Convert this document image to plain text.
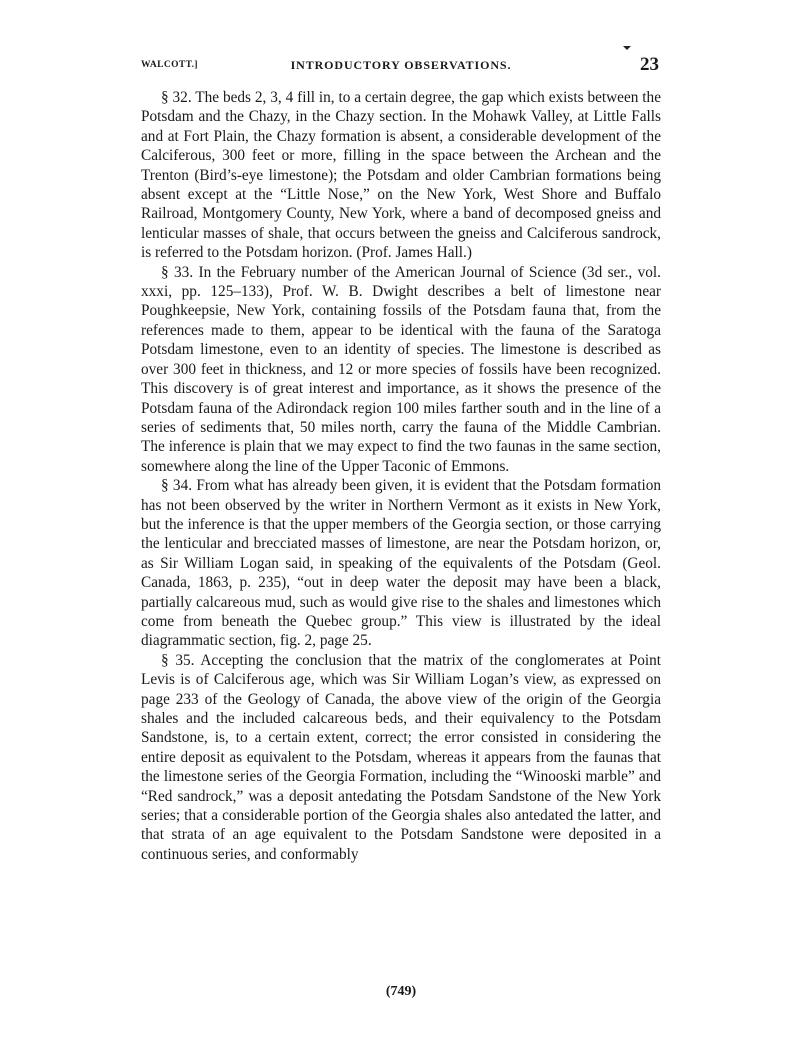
WALCOTT.]	INTRODUCTORY OBSERVATIONS.	23

§ 32. The beds 2, 3, 4 fill in, to a certain degree, the gap which exists between the Potsdam and the Chazy, in the Chazy section. In the Mohawk Valley, at Little Falls and at Fort Plain, the Chazy formation is absent, a considerable development of the Calciferous, 300 feet or more, filling in the space between the Archean and the Trenton (Bird’s-eye limestone); the Potsdam and older Cambrian formations being absent except at the “Little Nose,” on the New York, West Shore and Buffalo Railroad, Montgomery County, New York, where a band of decomposed gneiss and lenticular masses of shale, that occurs between the gneiss and Calciferous sandrock, is referred to the Potsdam horizon. (Prof. James Hall.)

§ 33. In the February number of the American Journal of Science (3d ser., vol. xxxi, pp. 125–133), Prof. W. B. Dwight describes a belt of limestone near Poughkeepsie, New York, containing fossils of the Potsdam fauna that, from the references made to them, appear to be identical with the fauna of the Saratoga Potsdam limestone, even to an identity of species. The limestone is described as over 300 feet in thickness, and 12 or more species of fossils have been recognized. This discovery is of great interest and importance, as it shows the presence of the Potsdam fauna of the Adirondack region 100 miles farther south and in the line of a series of sediments that, 50 miles north, carry the fauna of the Middle Cambrian. The inference is plain that we may expect to find the two faunas in the same section, somewhere along the line of the Upper Taconic of Emmons.

§ 34. From what has already been given, it is evident that the Potsdam formation has not been observed by the writer in Northern Vermont as it exists in New York, but the inference is that the upper members of the Georgia section, or those carrying the lenticular and brecciated masses of limestone, are near the Potsdam horizon, or, as Sir William Logan said, in speaking of the equivalents of the Potsdam (Geol. Canada, 1863, p. 235), “out in deep water the deposit may have been a black, partially calcareous mud, such as would give rise to the shales and limestones which come from beneath the Quebec group.” This view is illustrated by the ideal diagrammatic section, fig. 2, page 25.

§ 35. Accepting the conclusion that the matrix of the conglomerates at Point Levis is of Calciferous age, which was Sir William Logan’s view, as expressed on page 233 of the Geology of Canada, the above view of the origin of the Georgia shales and the included calcareous beds, and their equivalency to the Potsdam Sandstone, is, to a certain extent, correct; the error consisted in considering the entire deposit as equivalent to the Potsdam, whereas it appears from the faunas that the limestone series of the Georgia Formation, including the “Winooski marble” and “Red sandrock,” was a deposit antedating the Potsdam Sandstone of the New York series; that a considerable portion of the Georgia shales also antedated the latter, and that strata of an age equivalent to the Potsdam Sandstone were deposited in a continuous series, and conformably

(749)
